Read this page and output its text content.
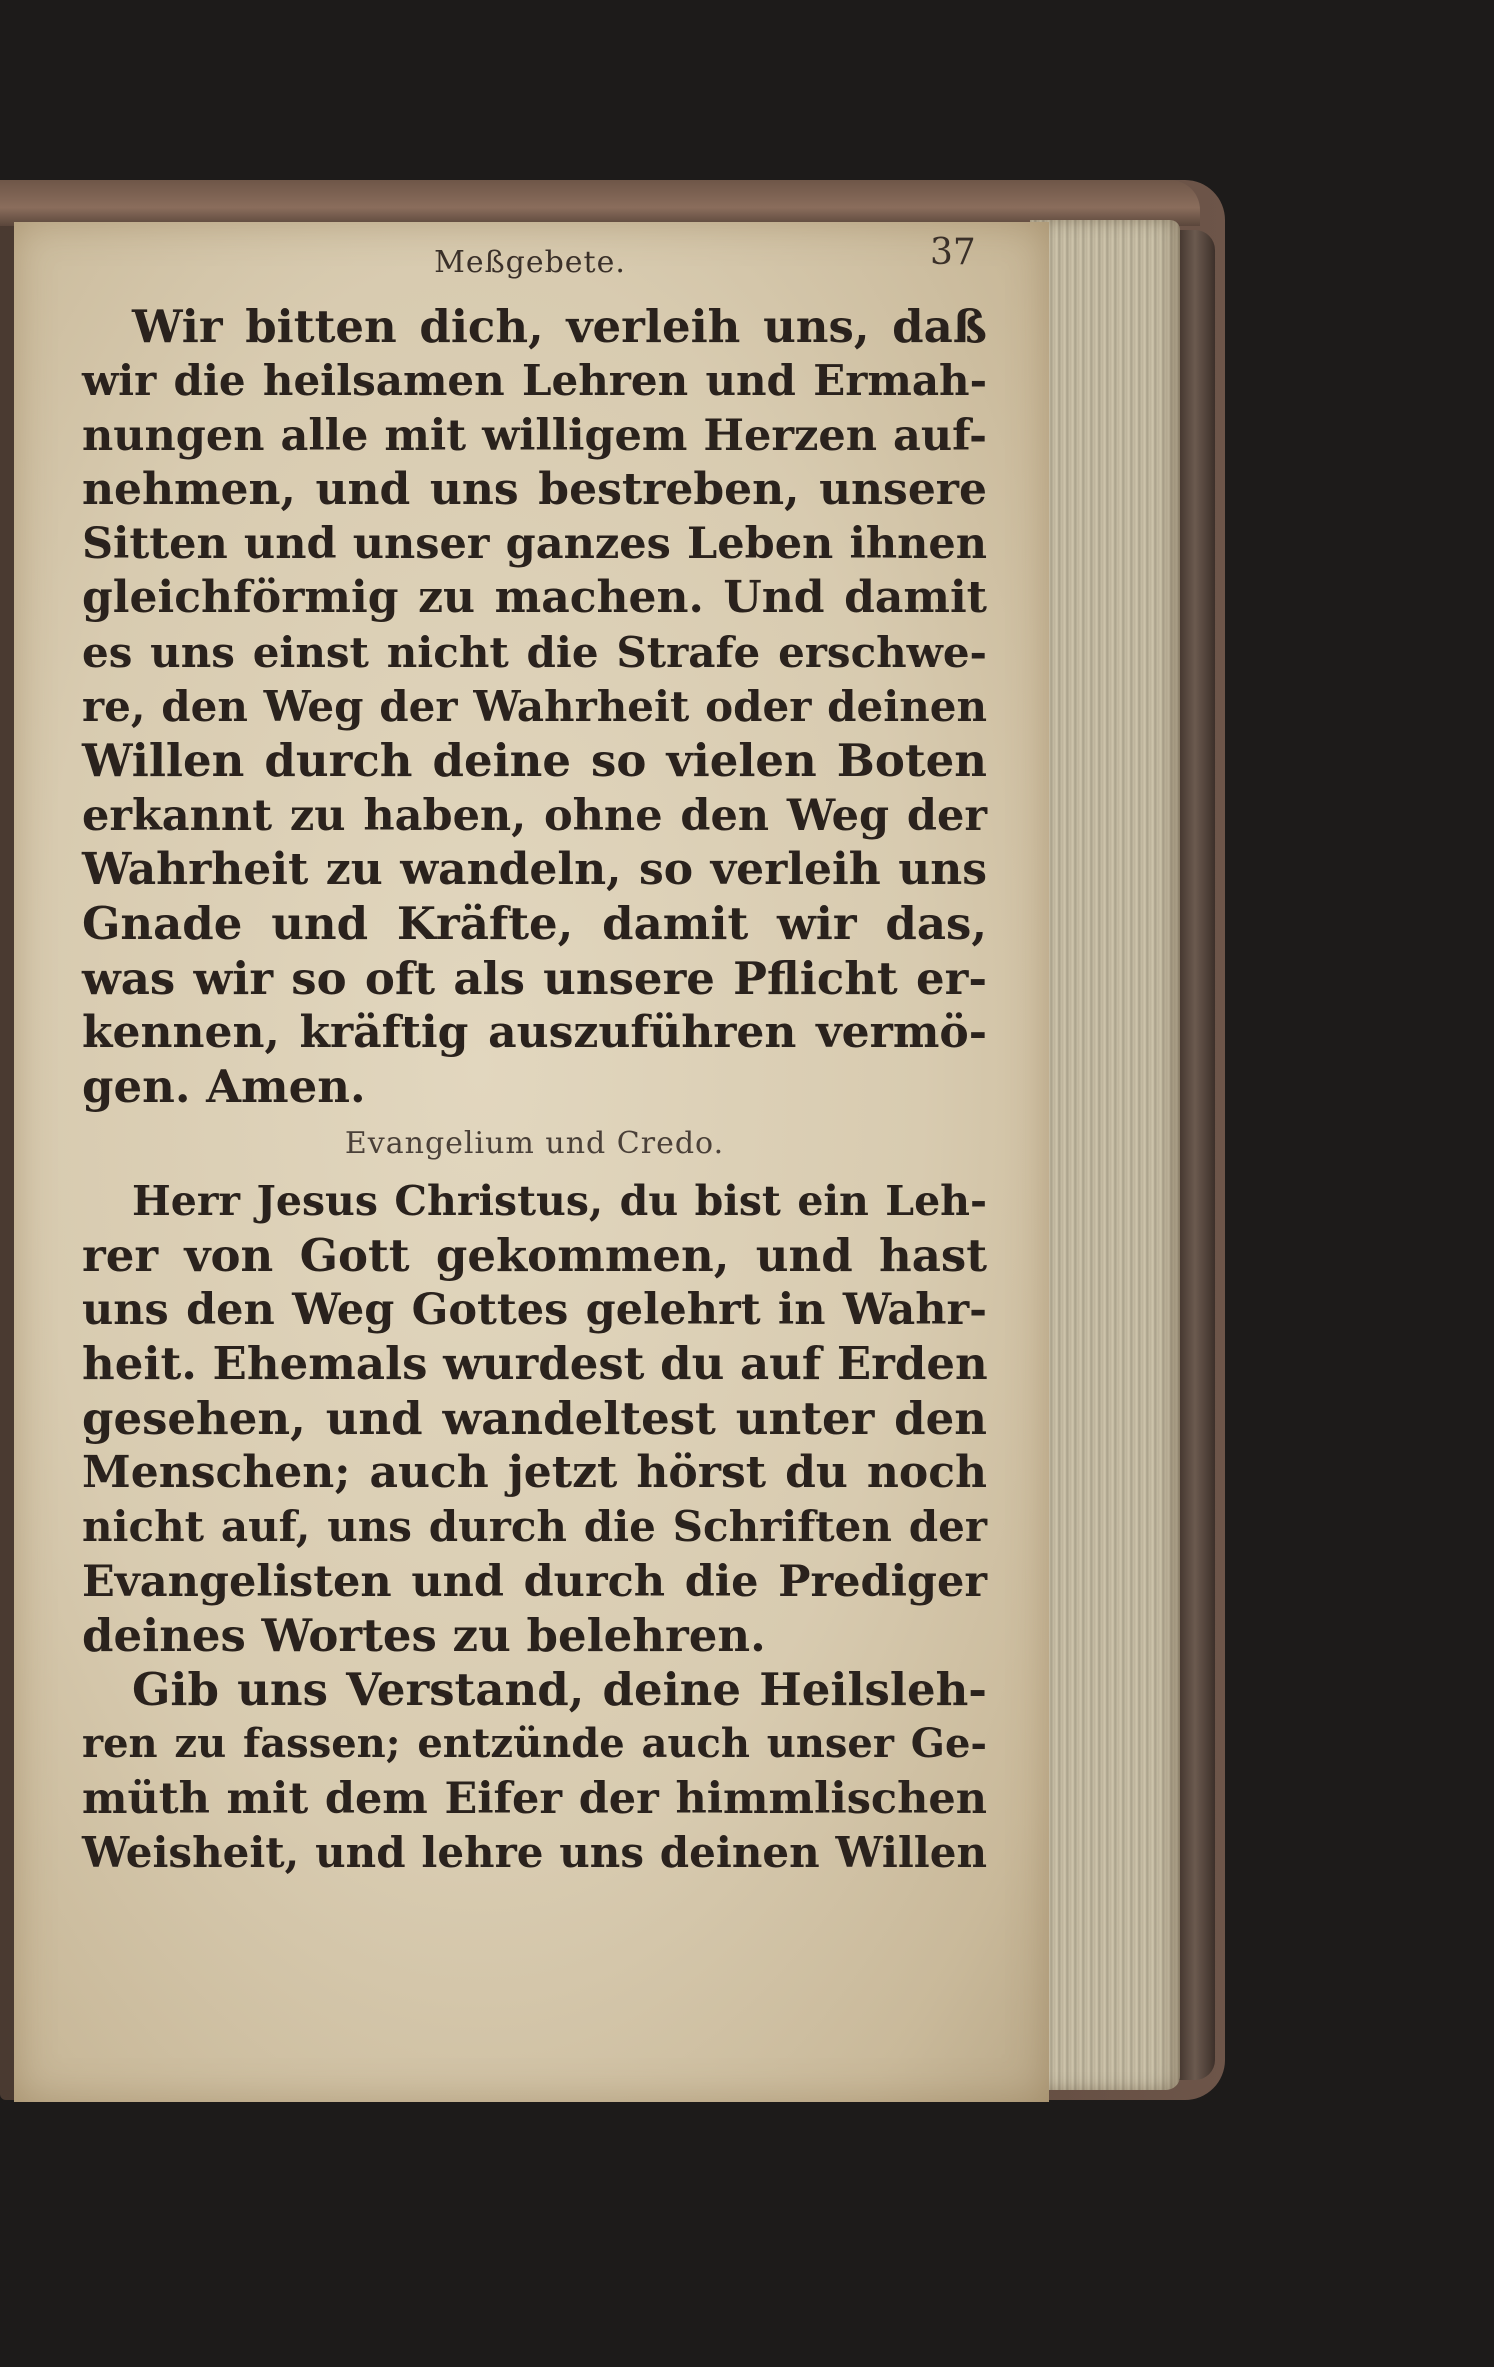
Meßgebete.	37
Wir bitten dich, verleih uns, daß
wir die heilsamen Lehren und Ermah-
nungen alle mit willigem Herzen auf-
nehmen, und uns bestreben, unsere
Sitten und unser ganzes Leben ihnen
gleichförmig zu machen. Und damit
es uns einst nicht die Strafe erschwe-
re, den Weg der Wahrheit oder deinen
Willen durch deine so vielen Boten
erkannt zu haben, ohne den Weg der
Wahrheit zu wandeln, so verleih uns
Gnade und Kräfte, damit wir das,
was wir so oft als unsere Pflicht er-
kennen, kräftig auszuführen vermö-
gen. Amen.
Evangelium und Credo.
Herr Jesus Christus, du bist ein Leh-
rer von Gott gekommen, und hast
uns den Weg Gottes gelehrt in Wahr-
heit. Ehemals wurdest du auf Erden
gesehen, und wandeltest unter den
Menschen; auch jetzt hörst du noch
nicht auf, uns durch die Schriften der
Evangelisten und durch die Prediger
deines Wortes zu belehren.
Gib uns Verstand, deine Heilsleh-
ren zu fassen; entzünde auch unser Ge-
müth mit dem Eifer der himmlischen
Weisheit, und lehre uns deinen Willen
